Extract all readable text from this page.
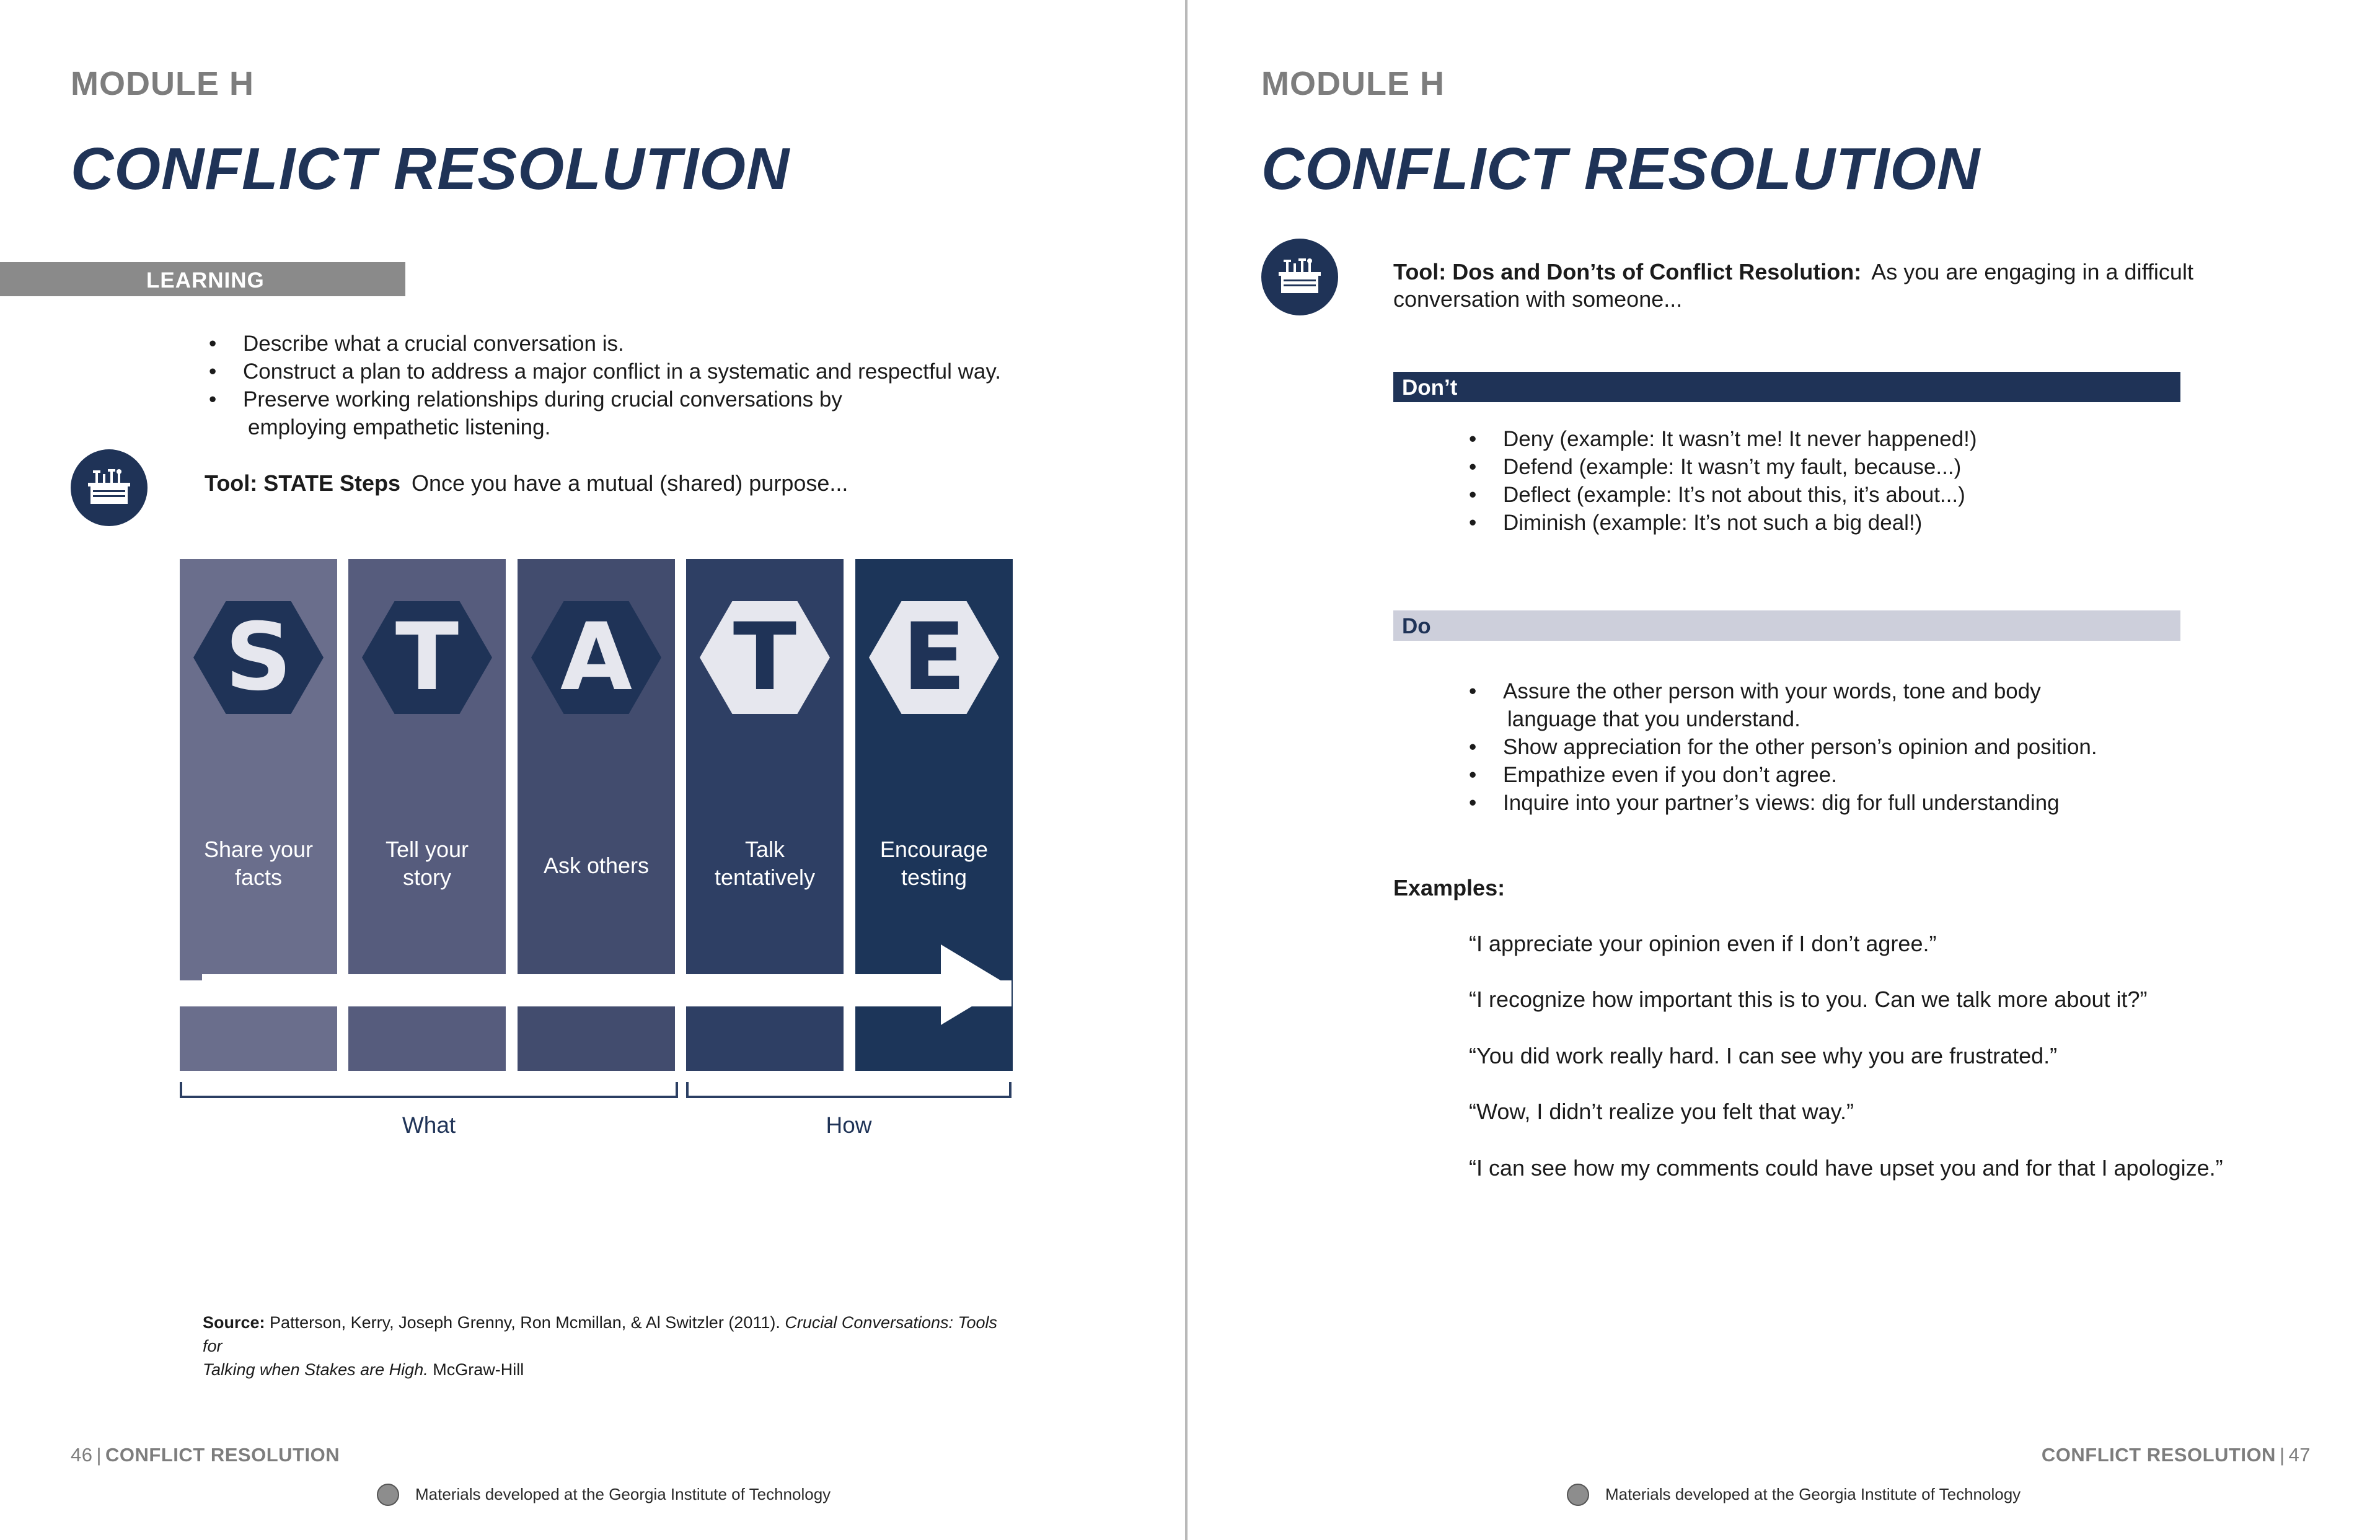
MODULE H
CONFLICT RESOLUTION
LEARNING OBJECTIVES
• Describe what a crucial conversation is.
• Construct a plan to address a major conflict in a systematic and respectful way.
• Preserve working relationships during crucial conversations by
employing empathetic listening.
Tool: STATE Steps Once you have a mutual (shared) purpose...
S
Share your
facts
T
Tell your
story
A
Ask others
T
Talk
tentatively
E
Encourage
testing
What	How
Source: Patterson, Kerry, Joseph Grenny, Ron Mcmillan, & Al Switzler (2011). Crucial Conversations: Tools for
Talking when Stakes are High. McGraw-Hill
46 | CONFLICT RESOLUTION
Materials developed at the Georgia Institute of Technology
MODULE H
CONFLICT RESOLUTION
Tool: Dos and Don’ts of Conflict Resolution: As you are engaging in a difficult
conversation with someone...
Don’t
• Deny (example: It wasn’t me! It never happened!)
• Defend (example: It wasn’t my fault, because...)
• Deflect (example: It’s not about this, it’s about...)
• Diminish (example: It’s not such a big deal!)
Do
• Assure the other person with your words, tone and body
language that you understand.
• Show appreciation for the other person’s opinion and position.
• Empathize even if you don’t agree.
• Inquire into your partner’s views: dig for full understanding
Examples:
“I appreciate your opinion even if I don’t agree.”
“I recognize how important this is to you. Can we talk more about it?”
“You did work really hard. I can see why you are frustrated.”
“Wow, I didn’t realize you felt that way.”
“I can see how my comments could have upset you and for that I apologize.”
CONFLICT RESOLUTION | 47
Materials developed at the Georgia Institute of Technology
